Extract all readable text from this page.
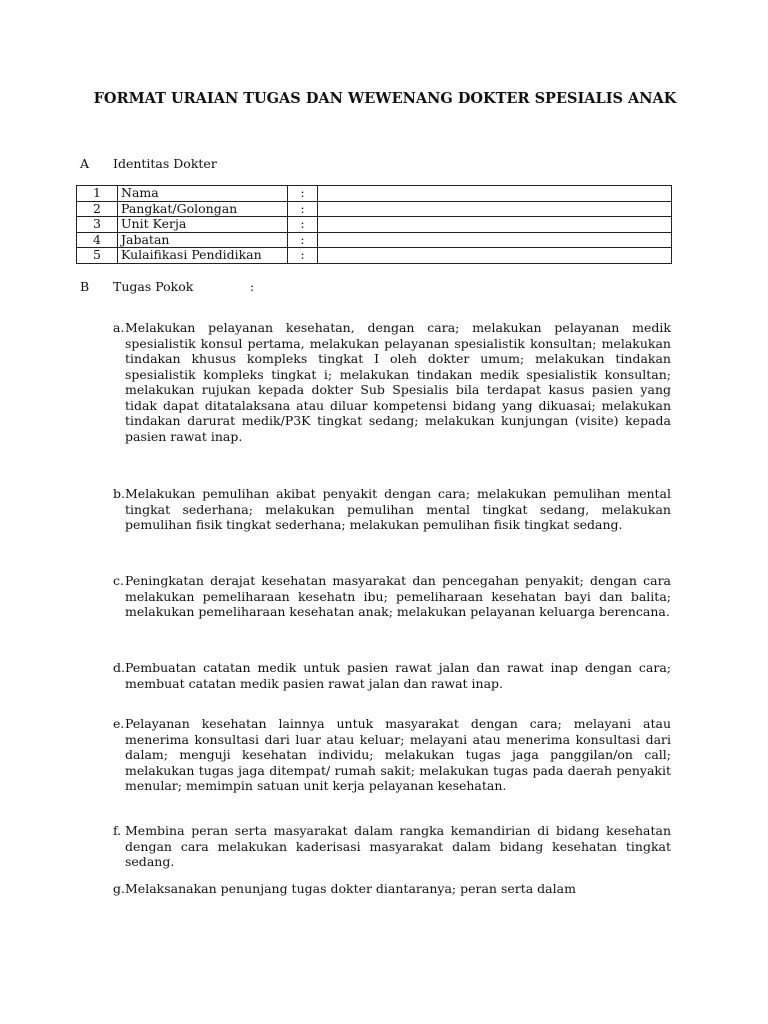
FORMAT URAIAN TUGAS DAN WEWENANG DOKTER SPESIALIS ANAK
A Identitas Dokter
1	Nama	:	
2	Pangkat/Golongan	:	
3	Unit Kerja	:	
4	Jabatan	:	
5	Kulaifikasi Pendidikan	:	
B Tugas Pokok	:
a. Melakukan pelayanan kesehatan, dengan cara; melakukan pelayanan medik spesialistik konsul pertama, melakukan pelayanan spesialistik konsultan; melakukan tindakan khusus kompleks tingkat I oleh dokter umum; melakukan tindakan spesialistik kompleks tingkat i; melakukan tindakan medik spesialistik konsultan; melakukan rujukan kepada dokter Sub Spesialis bila terdapat kasus pasien yang tidak dapat ditatalaksana atau diluar kompetensi bidang yang dikuasai; melakukan tindakan darurat medik/P3K tingkat sedang; melakukan kunjungan (visite) kepada pasien rawat inap.
b. Melakukan pemulihan akibat penyakit dengan cara; melakukan pemulihan mental tingkat sederhana; melakukan pemulihan mental tingkat sedang, melakukan pemulihan fisik tingkat sederhana; melakukan pemulihan fisik tingkat sedang.
c. Peningkatan derajat kesehatan masyarakat dan pencegahan penyakit; dengan cara melakukan pemeliharaan kesehatn ibu; pemeliharaan kesehatan bayi dan balita; melakukan pemeliharaan kesehatan anak; melakukan pelayanan keluarga berencana.
d. Pembuatan catatan medik untuk pasien rawat jalan dan rawat inap dengan cara; membuat catatan medik pasien rawat jalan dan rawat inap.
e. Pelayanan kesehatan lainnya untuk masyarakat dengan cara; melayani atau menerima konsultasi dari luar atau keluar; melayani atau menerima konsultasi dari dalam; menguji kesehatan individu; melakukan tugas jaga panggilan/on call; melakukan tugas jaga ditempat/ rumah sakit; melakukan tugas pada daerah penyakit menular; memimpin satuan unit kerja pelayanan kesehatan.
f. Membina peran serta masyarakat dalam rangka kemandirian di bidang kesehatan dengan cara melakukan kaderisasi masyarakat dalam bidang kesehatan tingkat sedang.
g. Melaksanakan penunjang tugas dokter diantaranya; peran serta dalam
